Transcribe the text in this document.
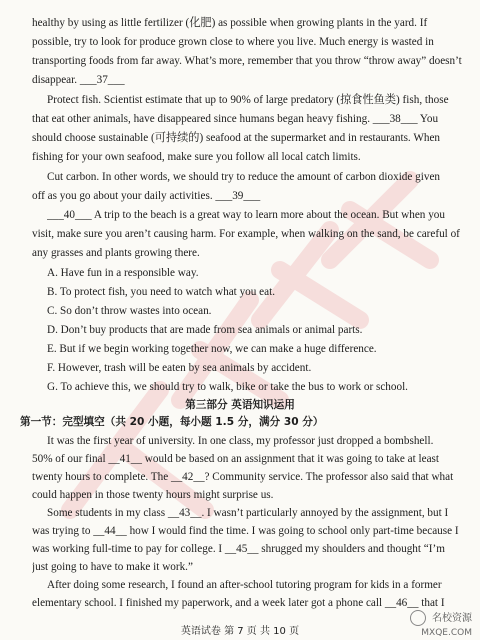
healthy by using as little fertilizer (化肥) as possible when growing plants in the yard. If
possible, try to look for produce grown close to where you live. Much energy is wasted in
transporting foods from far away. What’s more, remember that you throw “throw away” doesn’t
disappear. ___37___
Protect fish. Scientist estimate that up to 90% of large predatory (掠食性鱼类) fish, those
that eat other animals, have disappeared since humans began heavy fishing. ___38___ You
should choose sustainable (可持续的) seafood at the supermarket and in restaurants. When
fishing for your own seafood, make sure you follow all local catch limits.
Cut carbon. In other words, we should try to reduce the amount of carbon dioxide given
off as you go about your daily activities. ___39___
___40___ A trip to the beach is a great way to learn more about the ocean. But when you
visit, make sure you aren’t causing harm. For example, when walking on the sand, be careful of
any grasses and plants growing there.
A. Have fun in a responsible way.
B. To protect fish, you need to watch what you eat.
C. So don’t throw wastes into ocean.
D. Don’t buy products that are made from sea animals or animal parts.
E. But if we begin working together now, we can make a huge difference.
F. However, trash will be eaten by sea animals by accident.
G. To achieve this, we should try to walk, bike or take the bus to work or school.
第三部分 英语知识运用
第一节：完型填空（共 20 小题，每小题 1.5 分，满分 30 分）
It was the first year of university. In one class, my professor just dropped a bombshell.
50% of our final __41__ would be based on an assignment that it was going to take at least
twenty hours to complete. The __42__? Community service. The professor also said that what
could happen in those twenty hours might surprise us.
Some students in my class __43__. I wasn’t particularly annoyed by the assignment, but I
was trying to __44__ how I would find the time. I was going to school only part-time because I
was working full-time to pay for college. I __45__ shrugged my shoulders and thought “I’m
just going to have to make it work.”
After doing some research, I found an after-school tutoring program for kids in a former
elementary school. I finished my paperwork, and a week later got a phone call __46__ that I
英语试卷 第 7 页 共 10 页
名校资源
MXQE.COM
